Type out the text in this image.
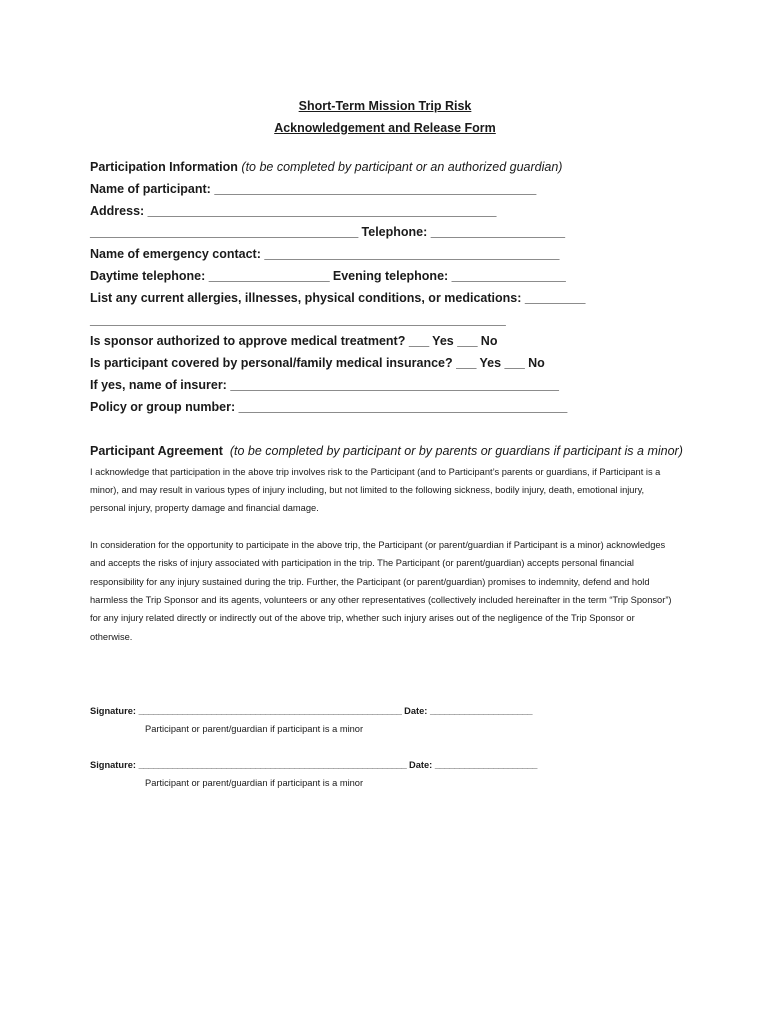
Short-Term Mission Trip Risk
Acknowledgement and Release Form
Participation Information (to be completed by participant or an authorized guardian)
Name of participant: ________________________________________________
Address: ____________________________________________________
________________________________________ Telephone: ____________________
Name of emergency contact: ____________________________________________
Daytime telephone: __________________ Evening telephone: _________________
List any current allergies, illnesses, physical conditions, or medications: _________
______________________________________________________________
Is sponsor authorized to approve medical treatment? ___ Yes ___ No
Is participant covered by personal/family medical insurance? ___ Yes ___ No
If yes, name of insurer: _________________________________________________
Policy or group number: _________________________________________________

Participant Agreement (to be completed by participant or by parents or guardians if participant is a minor)

I acknowledge that participation in the above trip involves risk to the Participant (and to Participant’s parents or guardians, if Participant is a minor), and may result in various types of injury including, but not limited to the following sickness, bodily injury, death, emotional injury, personal injury, property damage and financial damage.

In consideration for the opportunity to participate in the above trip, the Participant (or parent/guardian if Participant is a minor) acknowledges and accepts the risks of injury associated with participation in the trip. The Participant (or parent/guardian) accepts personal financial responsibility for any injury sustained during the trip. Further, the Participant (or parent/guardian) promises to indemnity, defend and hold harmless the Trip Sponsor and its agents, volunteers or any other representatives (collectively included hereinafter in the term “Trip Sponsor”) for any injury related directly or indirectly out of the above trip, whether such injury arises out of the negligence of the Trip Sponsor or otherwise.

Signature: ______________________________________________________ Date: _____________________
Participant or parent/guardian if participant is a minor
Signature: _______________________________________________________ Date: _____________________
Participant or parent/guardian if participant is a minor
